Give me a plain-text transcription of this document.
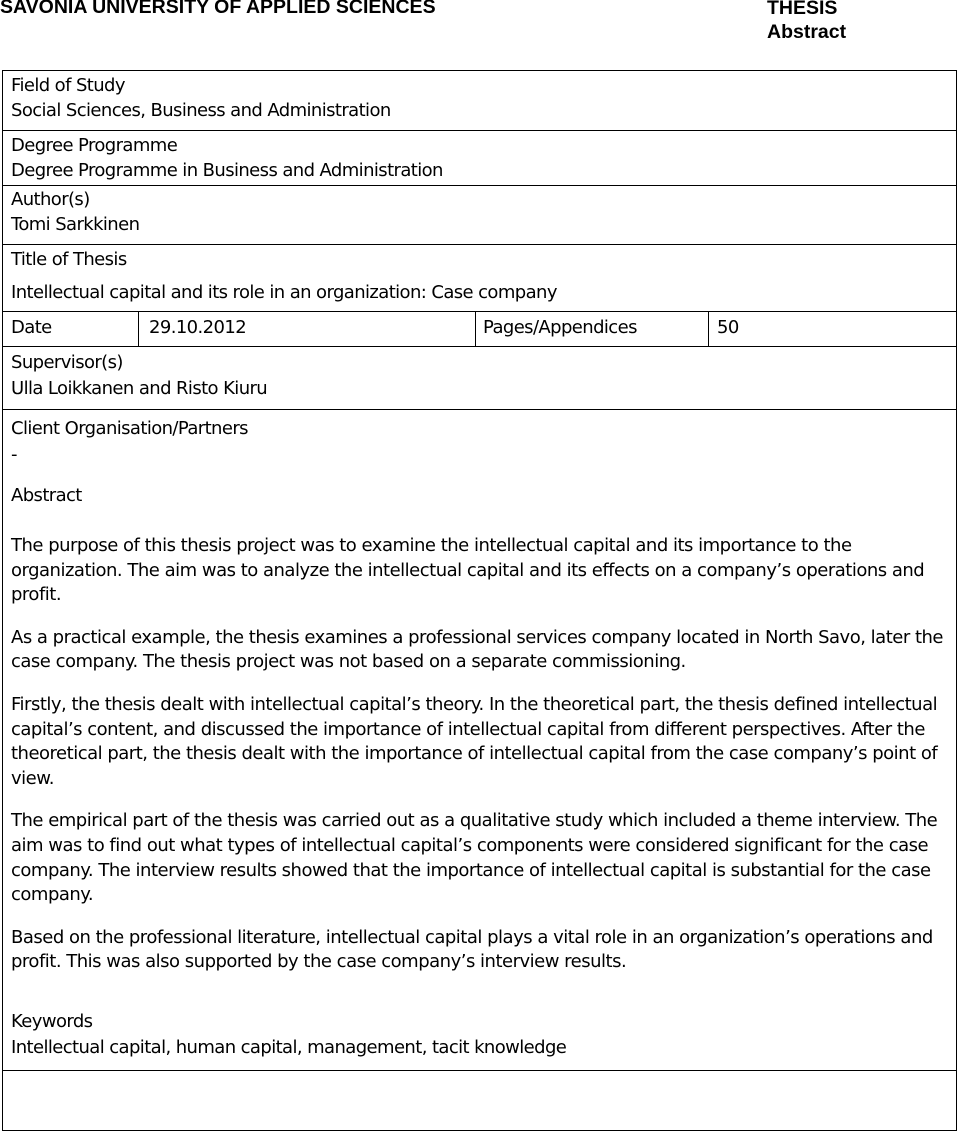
SAVONIA UNIVERSITY OF APPLIED SCIENCES	THESIS
Abstract
Field of Study
Social Sciences, Business and Administration
Degree Programme
Degree Programme in Business and Administration
Author(s)
Tomi Sarkkinen
Title of Thesis
Intellectual capital and its role in an organization: Case company
Date	29.10.2012	Pages/Appendices	50
Supervisor(s)
Ulla Loikkanen and Risto Kiuru
Client Organisation/Partners
-
Abstract

The purpose of this thesis project was to examine the intellectual capital and its importance to the organization. The aim was to analyze the intellectual capital and its effects on a company’s operations and profit.

As a practical example, the thesis examines a professional services company located in North Savo, later the case company. The thesis project was not based on a separate commissioning.

Firstly, the thesis dealt with intellectual capital’s theory. In the theoretical part, the thesis defined intellectual capital’s content, and discussed the importance of intellectual capital from different perspectives. After the theoretical part, the thesis dealt with the importance of intellectual capital from the case company’s point of view.

The empirical part of the thesis was carried out as a qualitative study which included a theme interview. The aim was to find out what types of intellectual capital’s components were considered significant for the case company. The interview results showed that the importance of intellectual capital is substantial for the case company.

Based on the professional literature, intellectual capital plays a vital role in an organization’s operations and profit. This was also supported by the case company’s interview results.

Keywords
Intellectual capital, human capital, management, tacit knowledge
